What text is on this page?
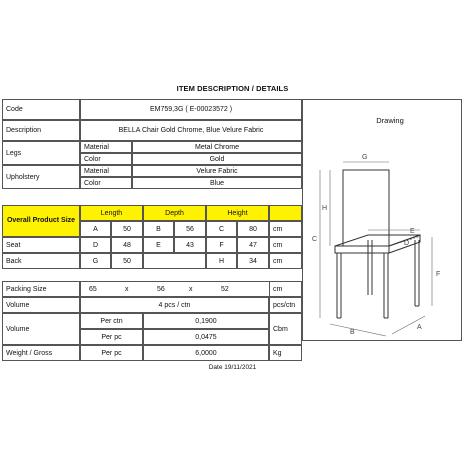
ITEM DESCRIPTION / DETAILS
Code	EM759,3G ( E-00023572 )
Description	BELLA Chair Gold Chrome, Blue Velure Fabric
Drawing
Legs
Material	Metal Chrome
Color	Gold
Upholstery
Material	Velure Fabric
Color	Blue
Overall Product Size
Length	Depth	Height
A	50	B	56	C	80	cm
Seat	D	48	E	43	F	47	cm
Back	G	50	H	34	cm
Packing Size	65	x	56	x	52	cm
Volume	4 pcs / ctn	pcs/ctn
Volume
Per ctn	0,1900
Per pc	0,0475
Cbm
Weight / Gross	Per pc	6,0000	Kg
Date 19/11/2021
G
H
C
E
D
B
A
F
